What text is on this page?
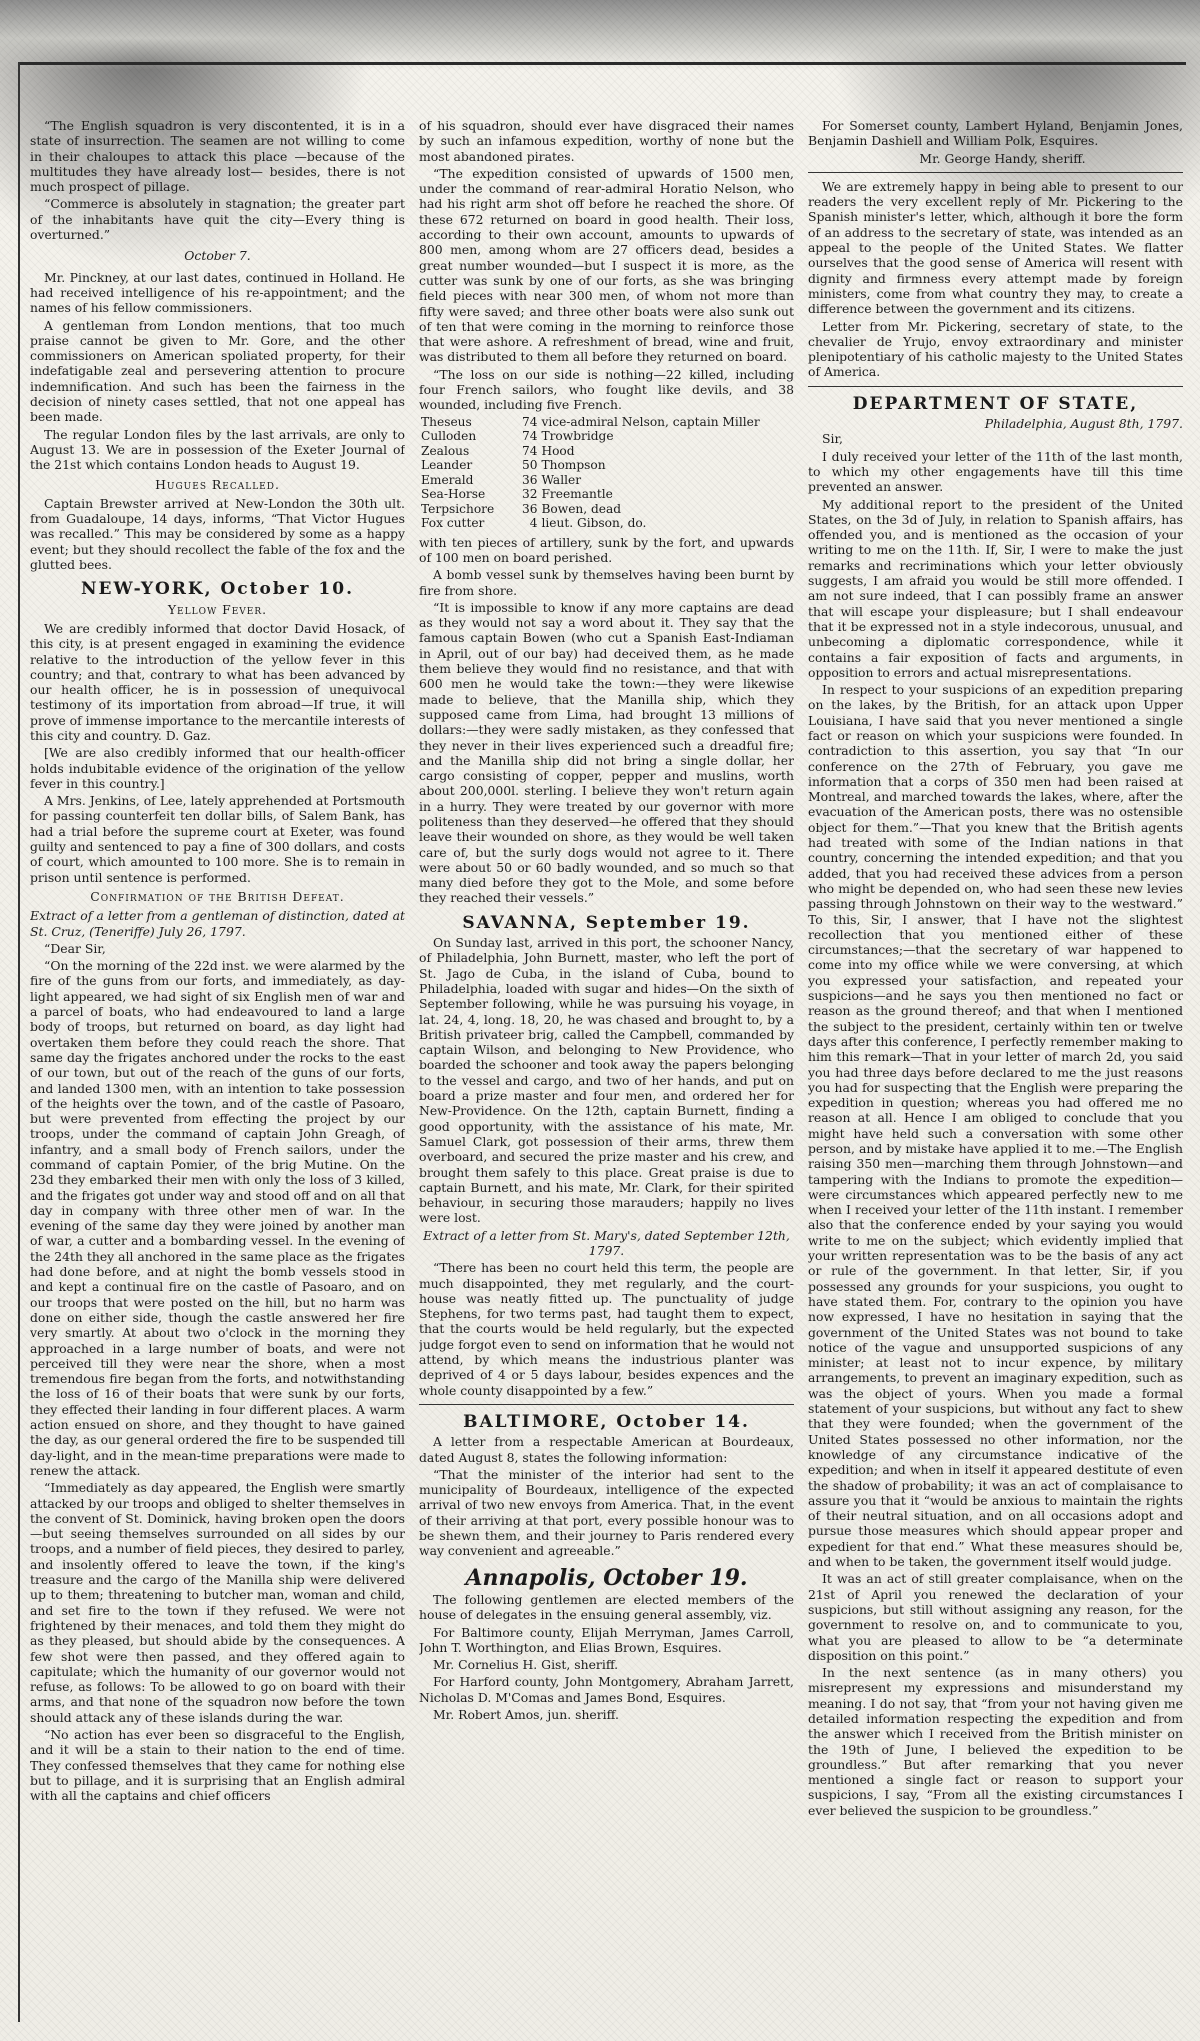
“The English squadron is very discontented, it is in a state of insurrection. The seamen are not willing to come in their chaloupes to attack this place —because of the multitudes they have already lost— besides, there is not much prospect of pillage.

“Commerce is absolutely in stagnation; the greater part of the inhabitants have quit the city—Every thing is overturned.”

October 7.

Mr. Pinckney, at our last dates, continued in Holland. He had received intelligence of his re-appointment; and the names of his fellow commissioners.

A gentleman from London mentions, that too much praise cannot be given to Mr. Gore, and the other commissioners on American spoliated property, for their indefatigable zeal and persevering attention to procure indemnification. And such has been the fairness in the decision of ninety cases settled, that not one appeal has been made.

The regular London files by the last arrivals, are only to August 13. We are in possession of the Exeter Journal of the 21st which contains London heads to August 19.

Hugues Recalled.

Captain Brewster arrived at New-London the 30th ult. from Guadaloupe, 14 days, informs, “That Victor Hugues was recalled.” This may be considered by some as a happy event; but they should recollect the fable of the fox and the glutted bees.

NEW-YORK, October 10.
Yellow Fever.

We are credibly informed that doctor David Hosack, of this city, is at present engaged in examining the evidence relative to the introduction of the yellow fever in this country; and that, contrary to what has been advanced by our health officer, he is in possession of unequivocal testimony of its importation from abroad—If true, it will prove of immense importance to the mercantile interests of this city and country. D. Gaz.

[We are also credibly informed that our health-officer holds indubitable evidence of the origination of the yellow fever in this country.]

A Mrs. Jenkins, of Lee, lately apprehended at Portsmouth for passing counterfeit ten dollar bills, of Salem Bank, has had a trial before the supreme court at Exeter, was found guilty and sentenced to pay a fine of 300 dollars, and costs of court, which amounted to 100 more. She is to remain in prison until sentence is performed.

Confirmation of the British Defeat.

Extract of a letter from a gentleman of distinction, dated at St. Cruz, (Teneriffe) July 26, 1797.

“Dear Sir,

“On the morning of the 22d inst. we were alarmed by the fire of the guns from our forts, and immediately, as day-light appeared, we had sight of six English men of war and a parcel of boats, who had endeavoured to land a large body of troops, but returned on board, as day light had overtaken them before they could reach the shore. That same day the frigates anchored under the rocks to the east of our town, but out of the reach of the guns of our forts, and landed 1300 men, with an intention to take possession of the heights over the town, and of the castle of Pasoaro, but were prevented from effecting the project by our troops, under the command of captain John Greagh, of infantry, and a small body of French sailors, under the command of captain Pomier, of the brig Mutine. On the 23d they embarked their men with only the loss of 3 killed, and the frigates got under way and stood off and on all that day in company with three other men of war. In the evening of the same day they were joined by another man of war, a cutter and a bombarding vessel. In the evening of the 24th they all anchored in the same place as the frigates had done before, and at night the bomb vessels stood in and kept a continual fire on the castle of Pasoaro, and on our troops that were posted on the hill, but no harm was done on either side, though the castle answered her fire very smartly. At about two o'clock in the morning they approached in a large number of boats, and were not perceived till they were near the shore, when a most tremendous fire began from the forts, and notwithstanding the loss of 16 of their boats that were sunk by our forts, they effected their landing in four different places. A warm action ensued on shore, and they thought to have gained the day, as our general ordered the fire to be suspended till day-light, and in the mean-time preparations were made to renew the attack.

“Immediately as day appeared, the English were smartly attacked by our troops and obliged to shelter themselves in the convent of St. Dominick, having broken open the doors—but seeing themselves surrounded on all sides by our troops, and a number of field pieces, they desired to parley, and insolently offered to leave the town, if the king's treasure and the cargo of the Manilla ship were delivered up to them; threatening to butcher man, woman and child, and set fire to the town if they refused. We were not frightened by their menaces, and told them they might do as they pleased, but should abide by the consequences. A few shot were then passed, and they offered again to capitulate; which the humanity of our governor would not refuse, as follows: To be allowed to go on board with their arms, and that none of the squadron now before the town should attack any of these islands during the war.

“No action has ever been so disgraceful to the English, and it will be a stain to their nation to the end of time. They confessed themselves that they came for nothing else but to pillage, and it is surprising that an English admiral with all the captains and chief officers

of his squadron, should ever have disgraced their names by such an infamous expedition, worthy of none but the most abandoned pirates.

“The expedition consisted of upwards of 1500 men, under the command of rear-admiral Horatio Nelson, who had his right arm shot off before he reached the shore. Of these 672 returned on board in good health. Their loss, according to their own account, amounts to upwards of 800 men, among whom are 27 officers dead, besides a great number wounded—but I suspect it is more, as the cutter was sunk by one of our forts, as she was bringing field pieces with near 300 men, of whom not more than fifty were saved; and three other boats were also sunk out of ten that were coming in the morning to reinforce those that were ashore. A refreshment of bread, wine and fruit, was distributed to them all before they returned on board.

“The loss on our side is nothing—22 killed, including four French sailors, who fought like devils, and 38 wounded, including five French.

Theseus	74	vice-admiral Nelson, captain Miller
Culloden	74	Trowbridge
Zealous	74	Hood
Leander	50	Thompson
Emerald	36	Waller
Sea-Horse	32	Freemantle
Terpsichore	36	Bowen, dead
Fox cutter	4	lieut. Gibson, do.

with ten pieces of artillery, sunk by the fort, and upwards of 100 men on board perished.

A bomb vessel sunk by themselves having been burnt by fire from shore.

“It is impossible to know if any more captains are dead as they would not say a word about it. They say that the famous captain Bowen (who cut a Spanish East-Indiaman in April, out of our bay) had deceived them, as he made them believe they would find no resistance, and that with 600 men he would take the town:—they were likewise made to believe, that the Manilla ship, which they supposed came from Lima, had brought 13 millions of dollars:—they were sadly mistaken, as they confessed that they never in their lives experienced such a dreadful fire; and the Manilla ship did not bring a single dollar, her cargo consisting of copper, pepper and muslins, worth about 200,000l. sterling. I believe they won't return again in a hurry. They were treated by our governor with more politeness than they deserved—he offered that they should leave their wounded on shore, as they would be well taken care of, but the surly dogs would not agree to it. There were about 50 or 60 badly wounded, and so much so that many died before they got to the Mole, and some before they reached their vessels.”

SAVANNA, September 19.

On Sunday last, arrived in this port, the schooner Nancy, of Philadelphia, John Burnett, master, who left the port of St. Jago de Cuba, in the island of Cuba, bound to Philadelphia, loaded with sugar and hides—On the sixth of September following, while he was pursuing his voyage, in lat. 24, 4, long. 18, 20, he was chased and brought to, by a British privateer brig, called the Campbell, commanded by captain Wilson, and belonging to New Providence, who boarded the schooner and took away the papers belonging to the vessel and cargo, and two of her hands, and put on board a prize master and four men, and ordered her for New-Providence. On the 12th, captain Burnett, finding a good opportunity, with the assistance of his mate, Mr. Samuel Clark, got possession of their arms, threw them overboard, and secured the prize master and his crew, and brought them safely to this place. Great praise is due to captain Burnett, and his mate, Mr. Clark, for their spirited behaviour, in securing those marauders; happily no lives were lost.

Extract of a letter from St. Mary's, dated September 12th, 1797.

“There has been no court held this term, the people are much disappointed, they met regularly, and the court-house was neatly fitted up. The punctuality of judge Stephens, for two terms past, had taught them to expect, that the courts would be held regularly, but the expected judge forgot even to send on information that he would not attend, by which means the industrious planter was deprived of 4 or 5 days labour, besides expences and the whole county disappointed by a few.”

BALTIMORE, October 14.

A letter from a respectable American at Bourdeaux, dated August 8, states the following information:

“That the minister of the interior had sent to the municipality of Bourdeaux, intelligence of the expected arrival of two new envoys from America. That, in the event of their arriving at that port, every possible honour was to be shewn them, and their journey to Paris rendered every way convenient and agreeable.”

Annapolis, October 19.

The following gentlemen are elected members of the house of delegates in the ensuing general assembly, viz.

For Baltimore county, Elijah Merryman, James Carroll, John T. Worthington, and Elias Brown, Esquires.

Mr. Cornelius H. Gist, sheriff.

For Harford county, John Montgomery, Abraham Jarrett, Nicholas D. M'Comas and James Bond, Esquires.

Mr. Robert Amos, jun. sheriff.

For Somerset county, Lambert Hyland, Benjamin Jones, Benjamin Dashiell and William Polk, Esquires.

Mr. George Handy, sheriff.

We are extremely happy in being able to present to our readers the very excellent reply of Mr. Pickering to the Spanish minister's letter, which, although it bore the form of an address to the secretary of state, was intended as an appeal to the people of the United States. We flatter ourselves that the good sense of America will resent with dignity and firmness every attempt made by foreign ministers, come from what country they may, to create a difference between the government and its citizens.

Letter from Mr. Pickering, secretary of state, to the chevalier de Yrujo, envoy extraordinary and minister plenipotentiary of his catholic majesty to the United States of America.

DEPARTMENT OF STATE,
Philadelphia, August 8th, 1797.

Sir,

I duly received your letter of the 11th of the last month, to which my other engagements have till this time prevented an answer.

My additional report to the president of the United States, on the 3d of July, in relation to Spanish affairs, has offended you, and is mentioned as the occasion of your writing to me on the 11th. If, Sir, I were to make the just remarks and recriminations which your letter obviously suggests, I am afraid you would be still more offended. I am not sure indeed, that I can possibly frame an answer that will escape your displeasure; but I shall endeavour that it be expressed not in a style indecorous, unusual, and unbecoming a diplomatic correspondence, while it contains a fair exposition of facts and arguments, in opposition to errors and actual misrepresentations.

In respect to your suspicions of an expedition preparing on the lakes, by the British, for an attack upon Upper Louisiana, I have said that you never mentioned a single fact or reason on which your suspicions were founded. In contradiction to this assertion, you say that “In our conference on the 27th of February, you gave me information that a corps of 350 men had been raised at Montreal, and marched towards the lakes, where, after the evacuation of the American posts, there was no ostensible object for them.”—That you knew that the British agents had treated with some of the Indian nations in that country, concerning the intended expedition; and that you added, that you had received these advices from a person who might be depended on, who had seen these new levies passing through Johnstown on their way to the westward.” To this, Sir, I answer, that I have not the slightest recollection that you mentioned either of these circumstances;—that the secretary of war happened to come into my office while we were conversing, at which you expressed your satisfaction, and repeated your suspicions—and he says you then mentioned no fact or reason as the ground thereof; and that when I mentioned the subject to the president, certainly within ten or twelve days after this conference, I perfectly remember making to him this remark—That in your letter of march 2d, you said you had three days before declared to me the just reasons you had for suspecting that the English were preparing the expedition in question; whereas you had offered me no reason at all. Hence I am obliged to conclude that you might have held such a conversation with some other person, and by mistake have applied it to me.—The English raising 350 men—marching them through Johnstown—and tampering with the Indians to promote the expedition—were circumstances which appeared perfectly new to me when I received your letter of the 11th instant. I remember also that the conference ended by your saying you would write to me on the subject; which evidently implied that your written representation was to be the basis of any act or rule of the government. In that letter, Sir, if you possessed any grounds for your suspicions, you ought to have stated them. For, contrary to the opinion you have now expressed, I have no hesitation in saying that the government of the United States was not bound to take notice of the vague and unsupported suspicions of any minister; at least not to incur expence, by military arrangements, to prevent an imaginary expedition, such as was the object of yours. When you made a formal statement of your suspicions, but without any fact to shew that they were founded; when the government of the United States possessed no other information, nor the knowledge of any circumstance indicative of the expedition; and when in itself it appeared destitute of even the shadow of probability; it was an act of complaisance to assure you that it “would be anxious to maintain the rights of their neutral situation, and on all occasions adopt and pursue those measures which should appear proper and expedient for that end.” What these measures should be, and when to be taken, the government itself would judge.

It was an act of still greater complaisance, when on the 21st of April you renewed the declaration of your suspicions, but still without assigning any reason, for the government to resolve on, and to communicate to you, what you are pleased to allow to be “a determinate disposition on this point.”

In the next sentence (as in many others) you misrepresent my expressions and misunderstand my meaning. I do not say, that “from your not having given me detailed information respecting the expedition and from the answer which I received from the British minister on the 19th of June, I believed the expedition to be groundless.” But after remarking that you never mentioned a single fact or reason to support your suspicions, I say, “From all the existing circumstances I ever believed the suspicion to be groundless.”
